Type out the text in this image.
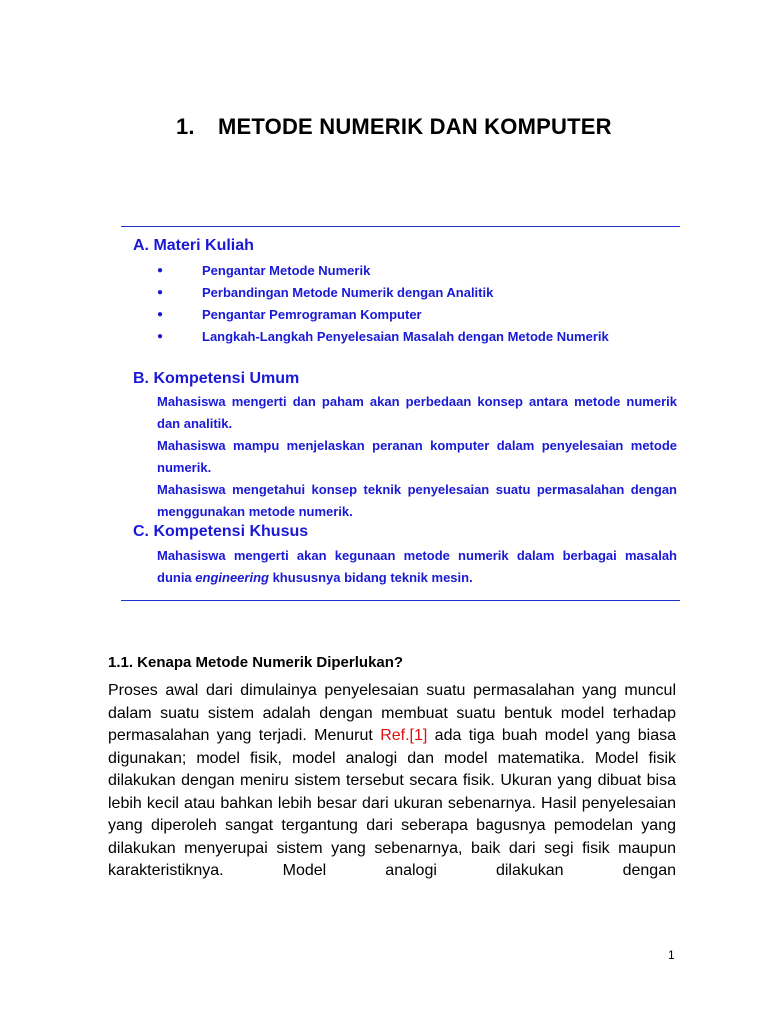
1. METODE NUMERIK DAN KOMPUTER
A. Materi Kuliah
●	Pengantar Metode Numerik
●	Perbandingan Metode Numerik dengan Analitik
●	Pengantar Pemrograman Komputer
●	Langkah-Langkah Penyelesaian Masalah dengan Metode Numerik
B. Kompetensi Umum

Mahasiswa mengerti dan paham akan perbedaan konsep antara metode numerik dan analitik.

Mahasiswa mampu menjelaskan peranan komputer dalam penyelesaian metode numerik.

Mahasiswa mengetahui konsep teknik penyelesaian suatu permasalahan dengan menggunakan metode numerik.

C. Kompetensi Khusus

Mahasiswa mengerti akan kegunaan metode numerik dalam berbagai masalah dunia engineering khususnya bidang teknik mesin.

1.1. Kenapa Metode Numerik Diperlukan?

Proses awal dari dimulainya penyelesaian suatu permasalahan yang muncul dalam suatu sistem adalah dengan membuat suatu bentuk model terhadap permasalahan yang terjadi. Menurut Ref.[1] ada tiga buah model yang biasa digunakan; model fisik, model analogi dan model matematika. Model fisik dilakukan dengan meniru sistem tersebut secara fisik. Ukuran yang dibuat bisa lebih kecil atau bahkan lebih besar dari ukuran sebenarnya. Hasil penyelesaian yang diperoleh sangat tergantung dari seberapa bagusnya pemodelan yang dilakukan menyerupai sistem yang sebenarnya, baik dari segi fisik maupun karakteristiknya. Model analogi dilakukan dengan

1
